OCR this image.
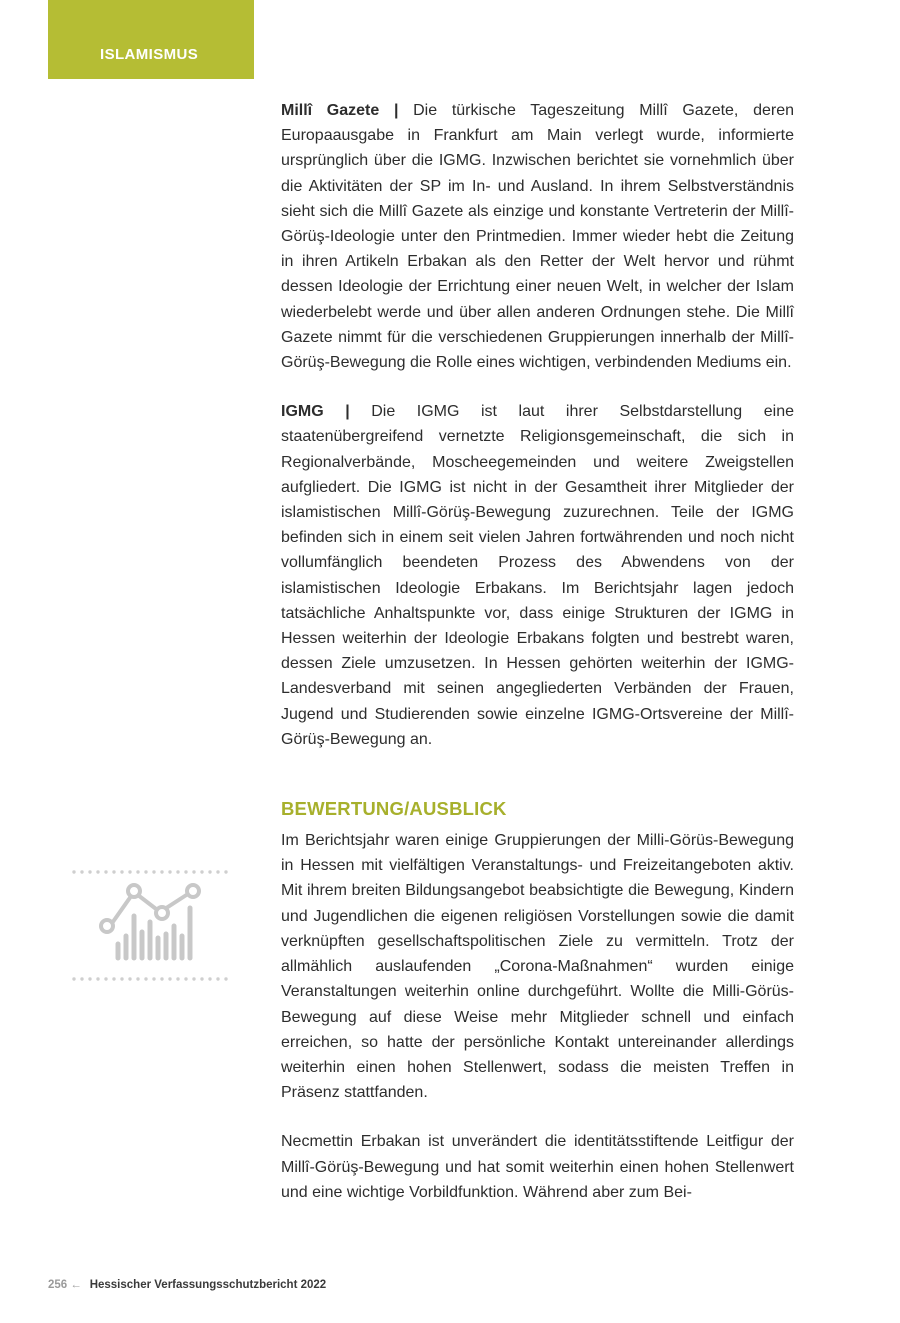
ISLAMISMUS

Millî Gazete | Die türkische Tageszeitung Millî Gazete, deren Europaausgabe in Frankfurt am Main verlegt wurde, informierte ursprünglich über die IGMG. Inzwischen berichtet sie vornehmlich über die Aktivitäten der SP im In- und Ausland. In ihrem Selbstverständnis sieht sich die Millî Gazete als einzige und konstante Vertreterin der Millî-Görüş-Ideologie unter den Printmedien. Immer wieder hebt die Zeitung in ihren Artikeln Erbakan als den Retter der Welt hervor und rühmt dessen Ideologie der Errichtung einer neuen Welt, in welcher der Islam wiederbelebt werde und über allen anderen Ordnungen stehe. Die Millî Gazete nimmt für die verschiedenen Gruppierungen innerhalb der Millî-Görüş-Bewegung die Rolle eines wichtigen, verbindenden Mediums ein.

IGMG | Die IGMG ist laut ihrer Selbstdarstellung eine staatenübergreifend vernetzte Religionsgemeinschaft, die sich in Regionalverbände, Moscheegemeinden und weitere Zweigstellen aufgliedert. Die IGMG ist nicht in der Gesamtheit ihrer Mitglieder der islamistischen Millî-Görüş-Bewegung zuzurechnen. Teile der IGMG befinden sich in einem seit vielen Jahren fortwährenden und noch nicht vollumfänglich beendeten Prozess des Abwendens von der islamistischen Ideologie Erbakans. Im Berichtsjahr lagen jedoch tatsächliche Anhaltspunkte vor, dass einige Strukturen der IGMG in Hessen weiterhin der Ideologie Erbakans folgten und bestrebt waren, dessen Ziele umzusetzen. In Hessen gehörten weiterhin der IGMG-Landesverband mit seinen angegliederten Verbänden der Frauen, Jugend und Studierenden sowie einzelne IGMG-Ortsvereine der Millî-Görüş-Bewegung an.

BEWERTUNG/AUSBLICK

Im Berichtsjahr waren einige Gruppierungen der Milli-Görüs-Bewegung in Hessen mit vielfältigen Veranstaltungs- und Freizeitangeboten aktiv. Mit ihrem breiten Bildungsangebot beabsichtigte die Bewegung, Kindern und Jugendlichen die eigenen religiösen Vorstellungen sowie die damit verknüpften gesellschaftspolitischen Ziele zu vermitteln. Trotz der allmählich auslaufenden „Corona-Maßnahmen“ wurden einige Veranstaltungen weiterhin online durchgeführt. Wollte die Milli-Görüs-Bewegung auf diese Weise mehr Mitglieder schnell und einfach erreichen, so hatte der persönliche Kontakt untereinander allerdings weiterhin einen hohen Stellenwert, sodass die meisten Treffen in Präsenz stattfanden.

Necmettin Erbakan ist unverändert die identitätsstiftende Leitfigur der Millî-Görüş-Bewegung und hat somit weiterhin einen hohen Stellenwert und eine wichtige Vorbildfunktion. Während aber zum Bei-

256 ← Hessischer Verfassungsschutzbericht 2022
